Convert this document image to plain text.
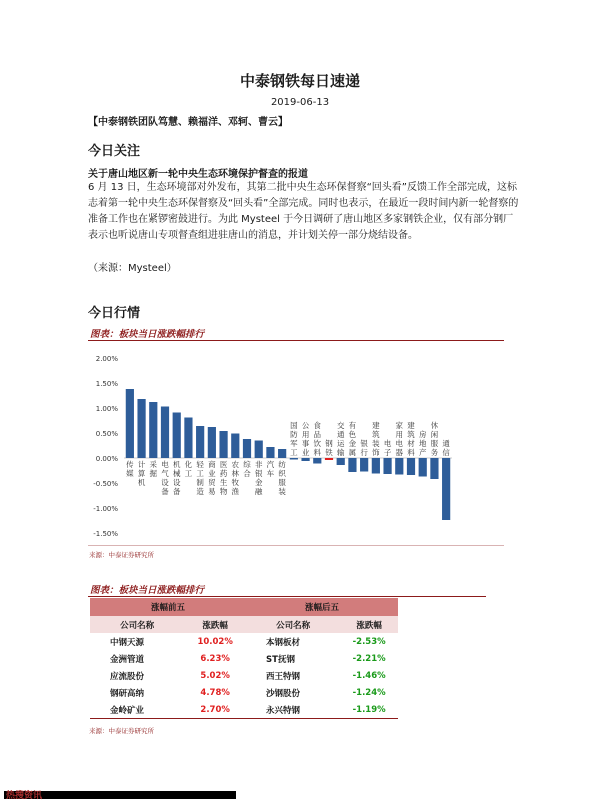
中泰钢铁每日速递
2019-06-13
【中泰钢铁团队笃慧、赖福洋、邓轲、曹云】
今日关注
关于唐山地区新一轮中央生态环境保护督查的报道
6 月 13 日，生态环境部对外发布，其第二批中央生态环保督察“回头看”反馈工作全部完成，这标志着第一轮中央生态环保督察及“回头看”全部完成。同时也表示，在最近一段时间内新一轮督察的准备工作也在紧锣密鼓进行。为此 Mysteel 于今日调研了唐山地区多家钢铁企业，仅有部分钢厂表示也听说唐山专项督查组进驻唐山的消息，并计划关停一部分烧结设备。
（来源：Mysteel）
今日行情
图表：板块当日涨跌幅排行
2.00%
1.50%
1.00%
0.50%
0.00%
-0.50%
-1.00%
-1.50%
传媒
计算机
采掘
电气设备
机械设备
化工
轻工制造
商业贸易
医药生物
农林牧渔
综合
非银金融
汽车
纺织服装
国防军工
公用事业
食品饮料
钢铁
交通运输
有色金属
银行
建筑装饰
电子
家用电器
建筑材料
房地产
休闲服务
通信
来源：中泰证券研究所
图表：板块当日涨跌幅排行
涨幅前五		涨幅后五	
公司名称	涨跌幅	公司名称	涨跌幅
中钢天源	10.02%	本钢板材	-2.53%
金洲管道	6.23%	ST抚钢	-2.21%
应流股份	5.02%	西王特钢	-1.46%
钢研高纳	4.78%	沙钢股份	-1.24%
金岭矿业	2.70%	永兴特钢	-1.19%
来源：中泰证券研究所
热搜资讯
